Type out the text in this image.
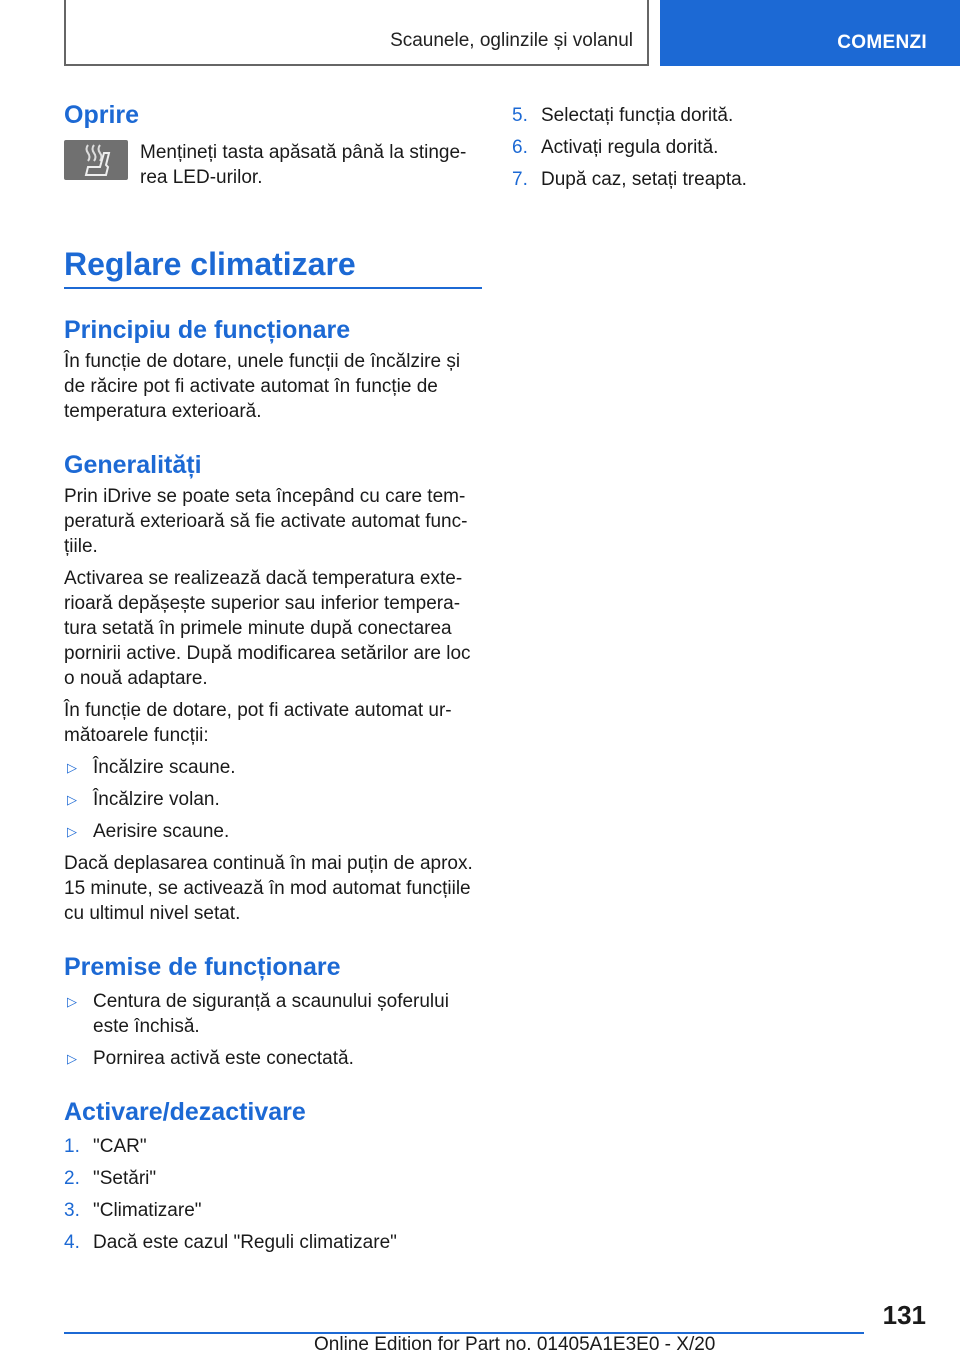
Scaunele, oglinzile și volanul	COMENZI
Oprire

Mențineți tasta apăsată până la stinge-rea LED-urilor.

Reglare climatizare
Principiu de funcționare

În funcție de dotare, unele funcții de încălzire și de răcire pot fi activate automat în funcție de temperatura exterioară.

Generalități

Prin iDrive se poate seta începând cu care tem-peratură exterioară să fie activate automat func-țiile.

Activarea se realizează dacă temperatura exte-rioară depășește superior sau inferior tempera-tura setată în primele minute după conectarea pornirii active. După modificarea setărilor are loc o nouă adaptare.

În funcție de dotare, pot fi activate automat ur-mătoarele funcții:

▷ Încălzire scaune.
▷ Încălzire volan.
▷ Aerisire scaune.

Dacă deplasarea continuă în mai puțin de aprox. 15 minute, se activează în mod automat funcțiile cu ultimul nivel setat.

Premise de funcționare
▷ Centura de siguranță a scaunului șoferului este închisă.
▷ Pornirea activă este conectată.
Activare/dezactivare
1. "CAR"
2. "Setări"
3. "Climatizare"
4. Dacă este cazul "Reguli climatizare"
5. Selectați funcția dorită.
6. Activați regula dorită.
7. După caz, setați treapta.
131
Online Edition for Part no. 01405A1E3E0 - X/20
